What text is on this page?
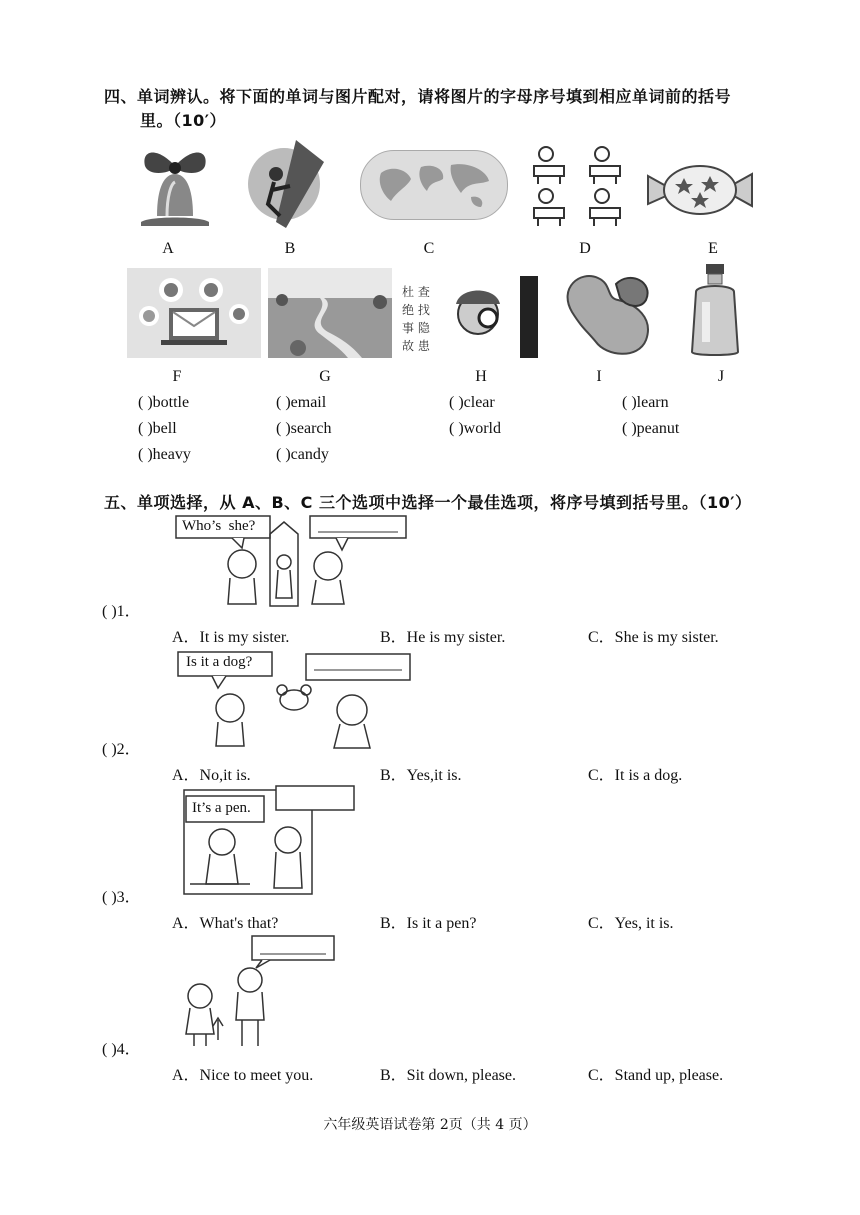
四、单词辨认。将下面的单词与图片配对，请将图片的字母序号填到相应单词前的括号
里。（10′）
A	B	C	D	E
杜 查
绝 找
事 隐
故 患
F	G	H	I	J
( )bottle	( )email	( )clear	( )learn
( )bell	( )search	( )world	( )peanut
( )heavy	( )candy
五、单项选择，从 A、B、C 三个选项中选择一个最佳选项，将序号填到括号里。（10′）
Who’s  she?
( )1．
A．It is my sister.	B．He is my sister.	C．She is my sister.
Is it a dog?
( )2．
A．No,it is.	B．Yes,it is.	C．It is a dog.
It’s a pen.
( )3．
A．What's that?	B．Is it a pen?	C．Yes, it is.
( )4．
A．Nice to meet you.	B．Sit down, please.	C．Stand up, please.
六年级英语试卷第 2页（共 4 页）
